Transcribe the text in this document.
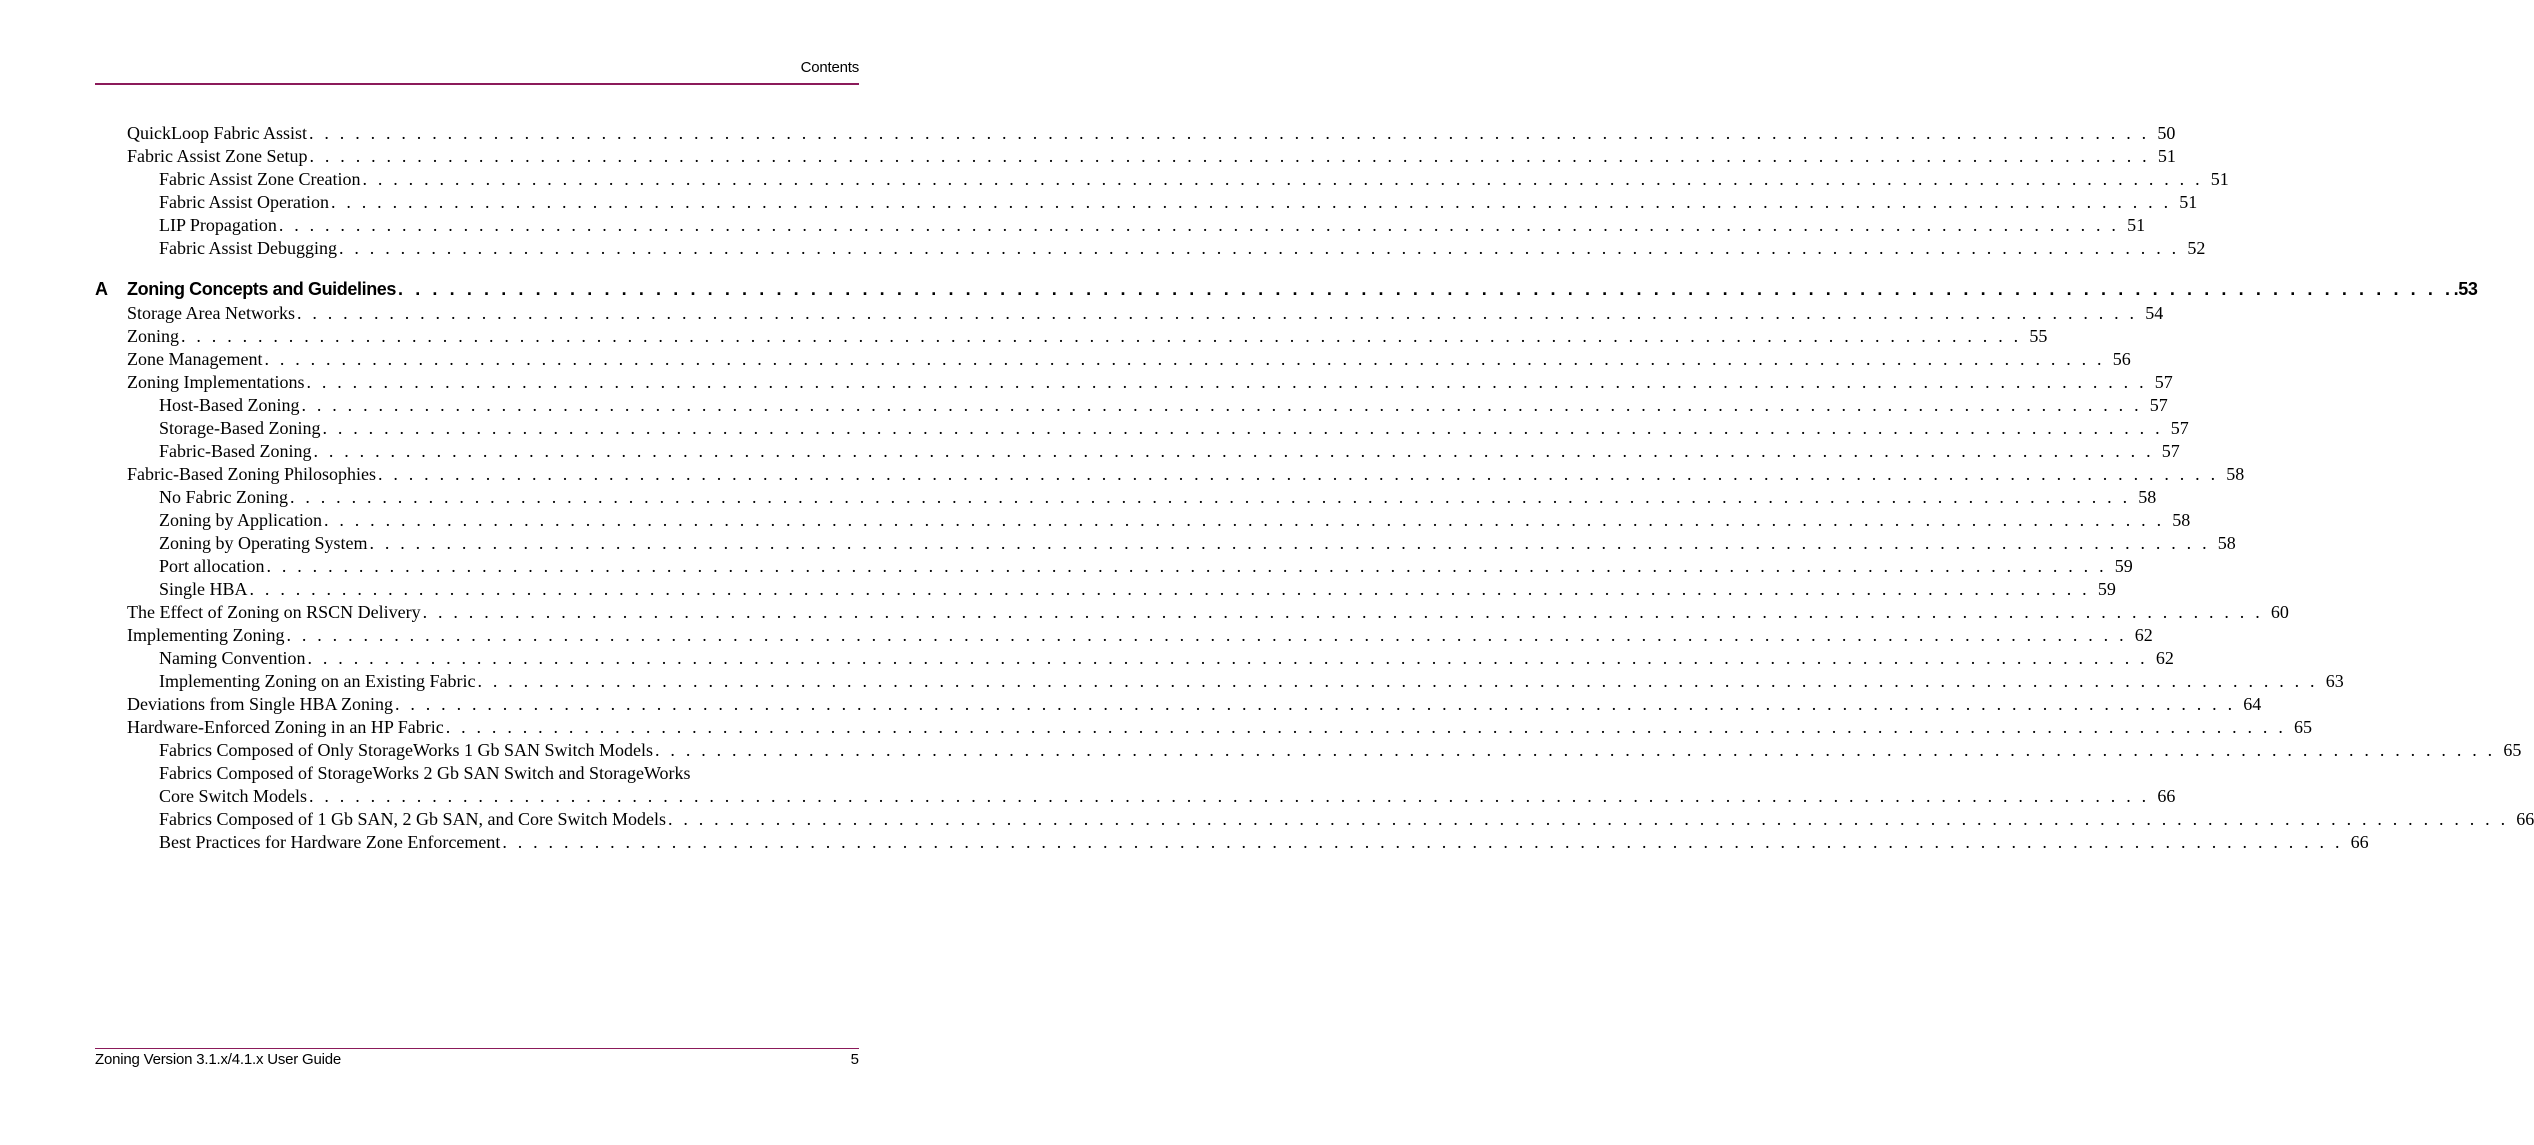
Contents
QuickLoop Fabric Assist . . . . . . . . . . . . . . . . . . . . . . . . . . . . . . . . . . . . . . . . . . . . . . . . . . . . . . . . . . . . . . . . . . . . . . . . . . . . . . . . . . . . . . . . . . . . . . . . . . . . . . . . . . . . . . . . . . . . . . . . 50
Fabric Assist Zone Setup . . . . . . . . . . . . . . . . . . . . . . . . . . . . . . . . . . . . . . . . . . . . . . . . . . . . . . . . . . . . . . . . . . . . . . . . . . . . . . . . . . . . . . . . . . . . . . . . . . . . . . . . . . . . . . . . . . . . . . . . 51
Fabric Assist Zone Creation . . . . . . . . . . . . . . . . . . . . . . . . . . . . . . . . . . . . . . . . . . . . . . . . . . . . . . . . . . . . . . . . . . . . . . . . . . . . . . . . . . . . . . . . . . . . . . . . . . . . . . . . . . . . . . . . . . . . . . . . 51
Fabric Assist Operation . . . . . . . . . . . . . . . . . . . . . . . . . . . . . . . . . . . . . . . . . . . . . . . . . . . . . . . . . . . . . . . . . . . . . . . . . . . . . . . . . . . . . . . . . . . . . . . . . . . . . . . . . . . . . . . . . . . . . . . . 51
LIP Propagation . . . . . . . . . . . . . . . . . . . . . . . . . . . . . . . . . . . . . . . . . . . . . . . . . . . . . . . . . . . . . . . . . . . . . . . . . . . . . . . . . . . . . . . . . . . . . . . . . . . . . . . . . . . . . . . . . . . . . . . . 51
Fabric Assist Debugging . . . . . . . . . . . . . . . . . . . . . . . . . . . . . . . . . . . . . . . . . . . . . . . . . . . . . . . . . . . . . . . . . . . . . . . . . . . . . . . . . . . . . . . . . . . . . . . . . . . . . . . . . . . . . . . . . . . . . . . . 52
A Zoning Concepts and Guidelines . . . . . . . . . . . . . . . . . . . . . . . . . . . . . . . . . . . . . . . . . . . . . . . . . . . . . . . . . . . . . . . . . . . . . . . . . . . . . . . . . . . . . . . . . . . . . . . . . . . . . . . . . . . . . . . . . . . . . . . . .53
Storage Area Networks . . . . . . . . . . . . . . . . . . . . . . . . . . . . . . . . . . . . . . . . . . . . . . . . . . . . . . . . . . . . . . . . . . . . . . . . . . . . . . . . . . . . . . . . . . . . . . . . . . . . . . . . . . . . . . . . . . . . . . . . 54
Zoning . . . . . . . . . . . . . . . . . . . . . . . . . . . . . . . . . . . . . . . . . . . . . . . . . . . . . . . . . . . . . . . . . . . . . . . . . . . . . . . . . . . . . . . . . . . . . . . . . . . . . . . . . . . . . . . . . . . . . . . . 55
Zone Management . . . . . . . . . . . . . . . . . . . . . . . . . . . . . . . . . . . . . . . . . . . . . . . . . . . . . . . . . . . . . . . . . . . . . . . . . . . . . . . . . . . . . . . . . . . . . . . . . . . . . . . . . . . . . . . . . . . . . . . . 56
Zoning Implementations . . . . . . . . . . . . . . . . . . . . . . . . . . . . . . . . . . . . . . . . . . . . . . . . . . . . . . . . . . . . . . . . . . . . . . . . . . . . . . . . . . . . . . . . . . . . . . . . . . . . . . . . . . . . . . . . . . . . . . . . 57
Host-Based Zoning . . . . . . . . . . . . . . . . . . . . . . . . . . . . . . . . . . . . . . . . . . . . . . . . . . . . . . . . . . . . . . . . . . . . . . . . . . . . . . . . . . . . . . . . . . . . . . . . . . . . . . . . . . . . . . . . . . . . . . . . 57
Storage-Based Zoning . . . . . . . . . . . . . . . . . . . . . . . . . . . . . . . . . . . . . . . . . . . . . . . . . . . . . . . . . . . . . . . . . . . . . . . . . . . . . . . . . . . . . . . . . . . . . . . . . . . . . . . . . . . . . . . . . . . . . . . . 57
Fabric-Based Zoning . . . . . . . . . . . . . . . . . . . . . . . . . . . . . . . . . . . . . . . . . . . . . . . . . . . . . . . . . . . . . . . . . . . . . . . . . . . . . . . . . . . . . . . . . . . . . . . . . . . . . . . . . . . . . . . . . . . . . . . . 57
Fabric-Based Zoning Philosophies . . . . . . . . . . . . . . . . . . . . . . . . . . . . . . . . . . . . . . . . . . . . . . . . . . . . . . . . . . . . . . . . . . . . . . . . . . . . . . . . . . . . . . . . . . . . . . . . . . . . . . . . . . . . . . . . . . . . . . . . 58
No Fabric Zoning . . . . . . . . . . . . . . . . . . . . . . . . . . . . . . . . . . . . . . . . . . . . . . . . . . . . . . . . . . . . . . . . . . . . . . . . . . . . . . . . . . . . . . . . . . . . . . . . . . . . . . . . . . . . . . . . . . . . . . . . 58
Zoning by Application . . . . . . . . . . . . . . . . . . . . . . . . . . . . . . . . . . . . . . . . . . . . . . . . . . . . . . . . . . . . . . . . . . . . . . . . . . . . . . . . . . . . . . . . . . . . . . . . . . . . . . . . . . . . . . . . . . . . . . . . 58
Zoning by Operating System . . . . . . . . . . . . . . . . . . . . . . . . . . . . . . . . . . . . . . . . . . . . . . . . . . . . . . . . . . . . . . . . . . . . . . . . . . . . . . . . . . . . . . . . . . . . . . . . . . . . . . . . . . . . . . . . . . . . . . . . 58
Port allocation . . . . . . . . . . . . . . . . . . . . . . . . . . . . . . . . . . . . . . . . . . . . . . . . . . . . . . . . . . . . . . . . . . . . . . . . . . . . . . . . . . . . . . . . . . . . . . . . . . . . . . . . . . . . . . . . . . . . . . . . 59
Single HBA . . . . . . . . . . . . . . . . . . . . . . . . . . . . . . . . . . . . . . . . . . . . . . . . . . . . . . . . . . . . . . . . . . . . . . . . . . . . . . . . . . . . . . . . . . . . . . . . . . . . . . . . . . . . . . . . . . . . . . . . 59
The Effect of Zoning on RSCN Delivery . . . . . . . . . . . . . . . . . . . . . . . . . . . . . . . . . . . . . . . . . . . . . . . . . . . . . . . . . . . . . . . . . . . . . . . . . . . . . . . . . . . . . . . . . . . . . . . . . . . . . . . . . . . . . . . . . . . . . . . . 60
Implementing Zoning . . . . . . . . . . . . . . . . . . . . . . . . . . . . . . . . . . . . . . . . . . . . . . . . . . . . . . . . . . . . . . . . . . . . . . . . . . . . . . . . . . . . . . . . . . . . . . . . . . . . . . . . . . . . . . . . . . . . . . . . 62
Naming Convention . . . . . . . . . . . . . . . . . . . . . . . . . . . . . . . . . . . . . . . . . . . . . . . . . . . . . . . . . . . . . . . . . . . . . . . . . . . . . . . . . . . . . . . . . . . . . . . . . . . . . . . . . . . . . . . . . . . . . . . . 62
Implementing Zoning on an Existing Fabric . . . . . . . . . . . . . . . . . . . . . . . . . . . . . . . . . . . . . . . . . . . . . . . . . . . . . . . . . . . . . . . . . . . . . . . . . . . . . . . . . . . . . . . . . . . . . . . . . . . . . . . . . . . . . . . . . . . . . . . . 63
Deviations from Single HBA Zoning . . . . . . . . . . . . . . . . . . . . . . . . . . . . . . . . . . . . . . . . . . . . . . . . . . . . . . . . . . . . . . . . . . . . . . . . . . . . . . . . . . . . . . . . . . . . . . . . . . . . . . . . . . . . . . . . . . . . . . . . 64
Hardware-Enforced Zoning in an HP Fabric . . . . . . . . . . . . . . . . . . . . . . . . . . . . . . . . . . . . . . . . . . . . . . . . . . . . . . . . . . . . . . . . . . . . . . . . . . . . . . . . . . . . . . . . . . . . . . . . . . . . . . . . . . . . . . . . . . . . . . . . 65
Fabrics Composed of Only StorageWorks 1 Gb SAN Switch Models . . . . . . . . . . . . . . . . . . . . . . . . . . . . . . . . . . . . . . . . . . . . . . . . . . . . . . . . . . . . . . . . . . . . . . . . . . . . . . . . . . . . . . . . . . . . . . . . . . . . . . . . . . . . . . . . . . . . . . . . 65
Fabrics Composed of StorageWorks 2 Gb SAN Switch and StorageWorks
Core Switch Models . . . . . . . . . . . . . . . . . . . . . . . . . . . . . . . . . . . . . . . . . . . . . . . . . . . . . . . . . . . . . . . . . . . . . . . . . . . . . . . . . . . . . . . . . . . . . . . . . . . . . . . . . . . . . . . . . . . . . . . . 66
Fabrics Composed of 1 Gb SAN, 2 Gb SAN, and Core Switch Models . . . . . . . . . . . . . . . . . . . . . . . . . . . . . . . . . . . . . . . . . . . . . . . . . . . . . . . . . . . . . . . . . . . . . . . . . . . . . . . . . . . . . . . . . . . . . . . . . . . . . . . . . . . . . . . . . . . . . . . . 66
Best Practices for Hardware Zone Enforcement . . . . . . . . . . . . . . . . . . . . . . . . . . . . . . . . . . . . . . . . . . . . . . . . . . . . . . . . . . . . . . . . . . . . . . . . . . . . . . . . . . . . . . . . . . . . . . . . . . . . . . . . . . . . . . . . . . . . . . . . 66
Zoning Version 3.1.x/4.1.x User Guide	5
